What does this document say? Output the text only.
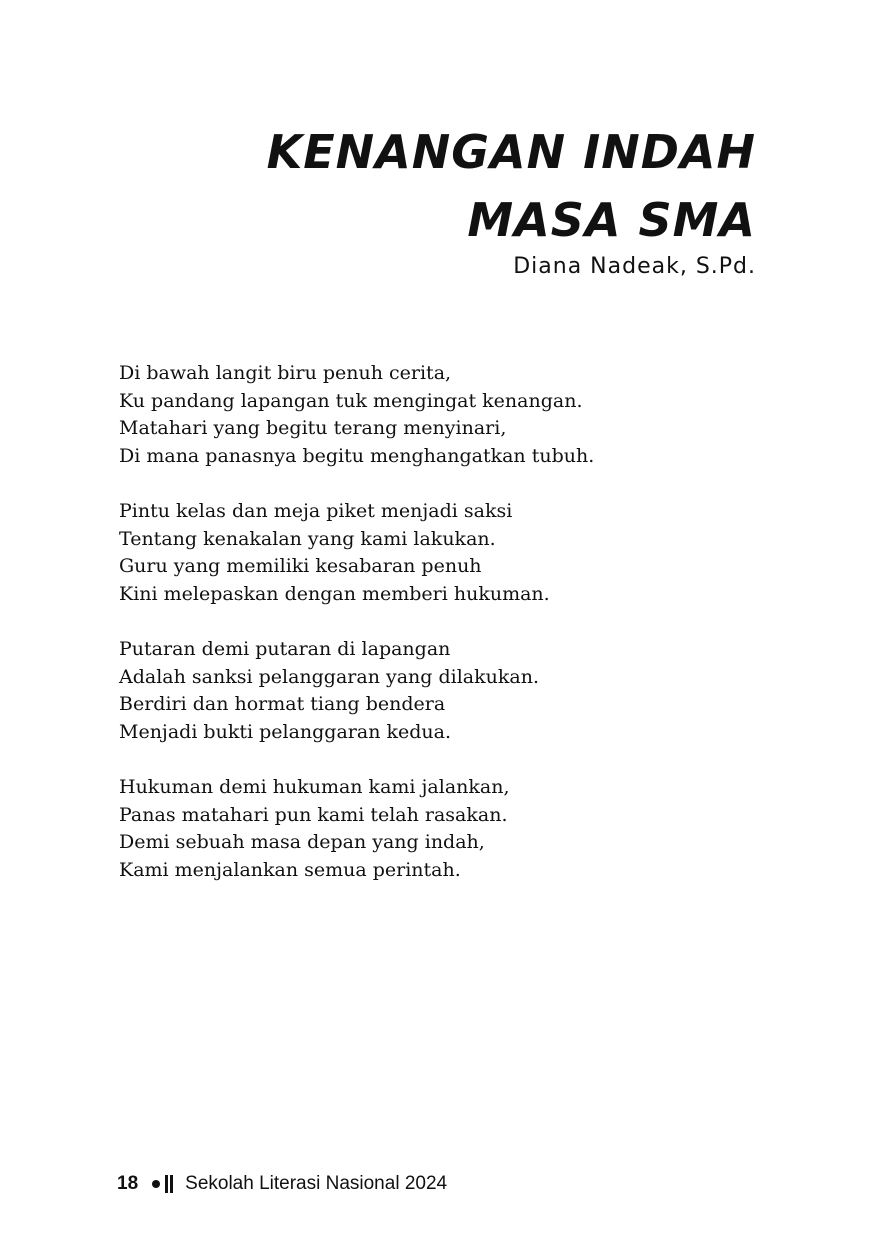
KENANGAN INDAH
MASA SMA
Diana Nadeak, S.Pd.
Di bawah langit biru penuh cerita,
Ku pandang lapangan tuk mengingat kenangan.
Matahari yang begitu terang menyinari,
Di mana panasnya begitu menghangatkan tubuh.
Pintu kelas dan meja piket menjadi saksi
Tentang kenakalan yang kami lakukan.
Guru yang memiliki kesabaran penuh
Kini melepaskan dengan memberi hukuman.
Putaran demi putaran di lapangan
Adalah sanksi pelanggaran yang dilakukan.
Berdiri dan hormat tiang bendera
Menjadi bukti pelanggaran kedua.
Hukuman demi hukuman kami jalankan,
Panas matahari pun kami telah rasakan.
Demi sebuah masa depan yang indah,
Kami menjalankan semua perintah.
18 Sekolah Literasi Nasional 2024
